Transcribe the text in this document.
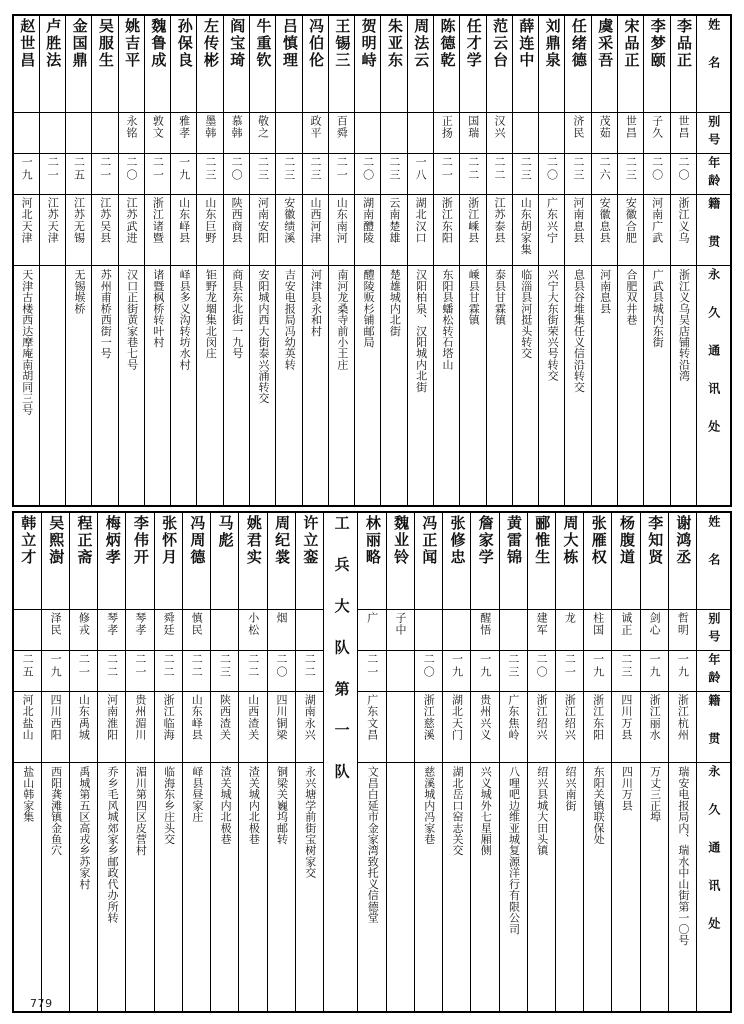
赵世昌	卢胜法	金国鼎	吴服生	姚吉平	魏鲁成	孙保良	左传彬	阎宝琦	牛重钦	吕慎理	冯伯伦	王锡三	贺明峙	朱亚东	周法云	陈德乾	任才学	范云台	薛连中	刘鼎泉	任绪德	虞采吾	宋品正	李梦颐	李品正	姓 名

				永铭	敦文	雅孝	墨韩	慕韩	敬之		政平	百舜				正扬	国瑞	汉兴			济民	茂茹	世昌	子久	世昌	别号

一九	二一	二五	二一	二〇	二一	一九	二三	二〇	二三	二三	二三	二一	二〇	二三	一八	二一	二二	二二	二三	二〇	二三	二六	二三	二〇	二〇	年龄

河北天津	江苏天津	江苏无锡	江苏吴县	江苏武进	浙江诸暨	山东峄县	山东巨野	陕西商县	河南安阳	安徽绩溪	山西河津	山东南河	湖南醴陵	云南楚雄	湖北汉口	浙江东阳	浙江嵊县	江苏泰县	山东胡家集	广东兴宁	河南息县	安徽息县	安徽合肥	河南广武	浙江义乌	籍 贯

天津古楼西达摩庵南胡同三号		无锡堠桥	苏州甫桥西街一号	汉口正街黄家巷七号	诸暨枫桥转叶村	峄县多义沟转坊水村	钜野龙堌集北闵庄	商县东北街一九号	安阳城内西大街泰兴涌转交	吉安电报局冯幼英转	河津县永和村	南河龙桑寺前小王庄	醴陵贩杉铺邮局	楚雄城内北街	汉阳柏泉、汉阳城内北街	东阳县蟠松转石塔山	嵊县甘霖镇	泰县甘霖镇	临淄县河挺头转交	兴宁大东街荣兴号转交	息县谷堆集任义信沿转交	河南息县	合肥双井巷	广武县城内东街	浙江义乌吴店铺转沿湾	永 久 通 讯 处
韩立才	吴熙澍	程正斋	梅炳孝	李伟开	张怀月	冯周德	马彪	姚君实	周纪裳	许立銮	工 兵 大 队 第 一 队	林丽略	魏业铃	冯正闻	张修忠	詹家学	黄雷锦	郦惟生	周大栋	张雁权	杨腹道	李知贤	谢鸿丞	姓 名

	泽民	修戎	琴孝	琴孝	舜廷	慎民		小松	烟			广	子中			醒悟		建军	龙	柱国	诚正	剑心	哲明	别号

二五	一九	二一	二二	二一	二二	二二	二三	二二	二〇	二二		二一		二〇	一九	一九	二三	二〇	二一	一九	二三	一九	一九	年龄

河北盐山	四川西阳	山东禹城	河南淮阳	贵州湄川	浙江临海	山东峄县	陕西渣关	山西渣关	四川铜梁	湖南永兴		广东文昌		浙江慈溪	湖北天门	贵州兴义	广东焦岭	浙江绍兴	浙江绍兴	浙江东阳	四川万县	浙江丽水	浙江杭州	籍 贯

盐山韩家集	西阳龚滩镇金鱼穴	禹城第五区高戎乡苏家村	乔乡毛风城郊家乡邮政代办所转	湄川第四区皮营村	临海东乡庄头交	峄县昼家庄	渣关城内北极巷	渣关城内北极巷	铜梁关巍坞邮转	永兴塘学前街宝树家交		文昌白延市金家湾致托义信德堂		慈溪城内冯家巷	湖北岳口窑志关交	兴义城外七星厢侧	八哩吧边维亚城复源洋行有限公司	绍兴县城大田头镇	绍兴南街	东阳关镇联保处	四川万县	万丈三正埠	瑞安电报局内、瑞水中山街第一〇号	永 久 通 讯 处
779
